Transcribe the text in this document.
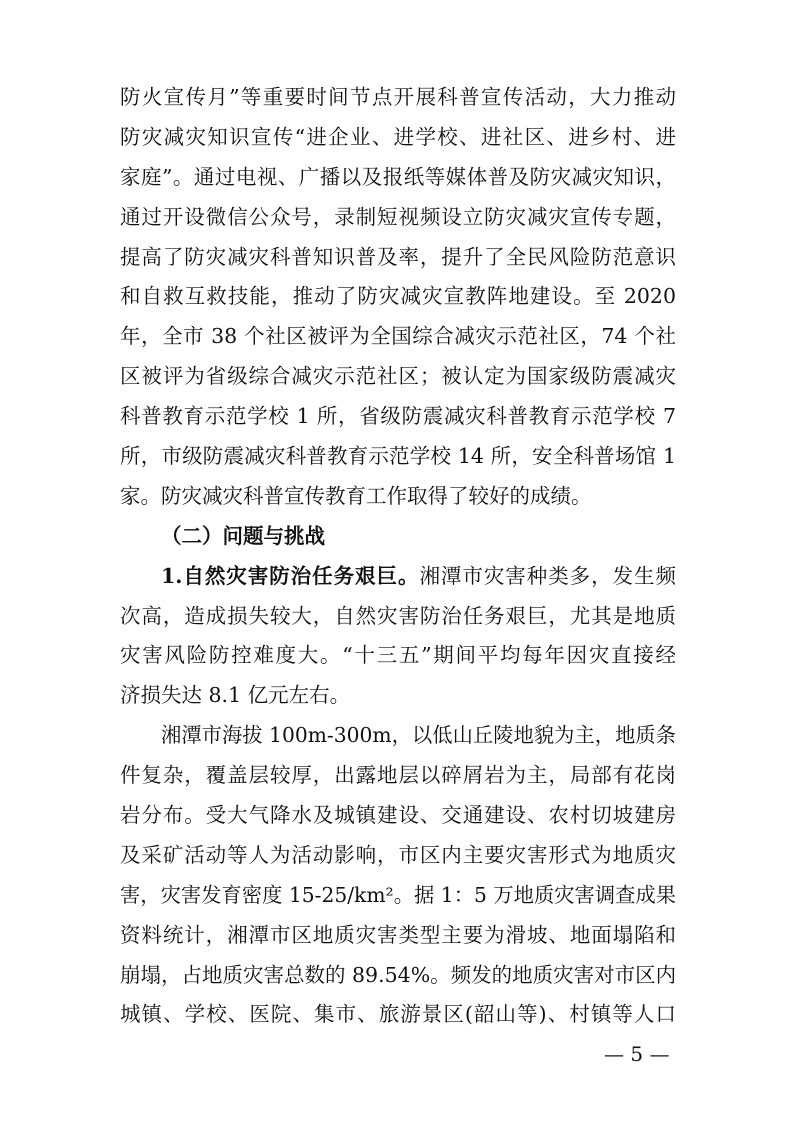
防火宣传月”等重要时间节点开展科普宣传活动，大力推动
防灾减灾知识宣传“进企业、进学校、进社区、进乡村、进
家庭”。通过电视、广播以及报纸等媒体普及防灾减灾知识，
通过开设微信公众号，录制短视频设立防灾减灾宣传专题，
提高了防灾减灾科普知识普及率，提升了全民风险防范意识
和自救互救技能，推动了防灾减灾宣教阵地建设。至 2020
年，全市 38 个社区被评为全国综合减灾示范社区，74 个社
区被评为省级综合减灾示范社区；被认定为国家级防震减灾
科普教育示范学校 1 所，省级防震减灾科普教育示范学校 7
所，市级防震减灾科普教育示范学校 14 所，安全科普场馆 1
家。防灾减灾科普宣传教育工作取得了较好的成绩。
（二）问题与挑战
1.自然灾害防治任务艰巨。湘潭市灾害种类多，发生频
次高，造成损失较大，自然灾害防治任务艰巨，尤其是地质
灾害风险防控难度大。“十三五”期间平均每年因灾直接经
济损失达 8.1 亿元左右。
湘潭市海拔 100m-300m，以低山丘陵地貌为主，地质条
件复杂，覆盖层较厚，出露地层以碎屑岩为主，局部有花岗
岩分布。受大气降水及城镇建设、交通建设、农村切坡建房
及采矿活动等人为活动影响，市区内主要灾害形式为地质灾
害，灾害发育密度 15-25/km²。据 1：5 万地质灾害调查成果
资料统计，湘潭市区地质灾害类型主要为滑坡、地面塌陷和
崩塌，占地质灾害总数的 89.54%。频发的地质灾害对市区内
城镇、学校、医院、集市、旅游景区(韶山等)、村镇等人口
— 5 —
